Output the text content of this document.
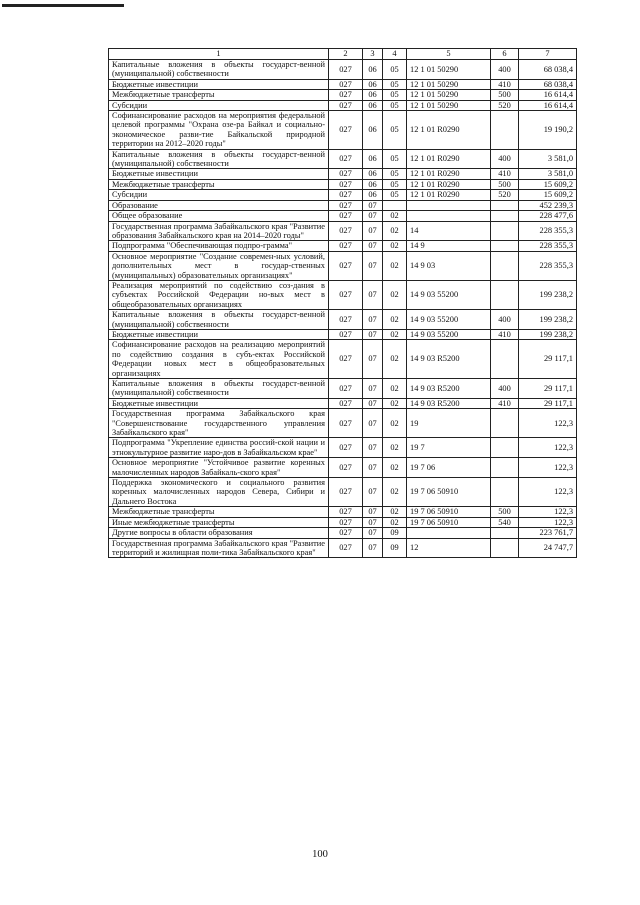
1	2	3	4	5	6	7
Капитальные вложения в объекты государст-венной (муниципальной) собственности	027	06	05	12 1 01 50290	400	68 038,4
Бюджетные инвестиции	027	06	05	12 1 01 50290	410	68 038,4
Межбюджетные трансферты	027	06	05	12 1 01 50290	500	16 614,4
Субсидии	027	06	05	12 1 01 50290	520	16 614,4
Софинансирование расходов на мероприятия федеральной целевой программы "Охрана озе-ра Байкал и социально-экономическое разви-тие Байкальской природной территории на 2012–2020 годы"	027	06	05	12 1 01 R0290		19 190,2
Капитальные вложения в объекты государст-венной (муниципальной) собственности	027	06	05	12 1 01 R0290	400	3 581,0
Бюджетные инвестиции	027	06	05	12 1 01 R0290	410	3 581,0
Межбюджетные трансферты	027	06	05	12 1 01 R0290	500	15 609,2
Субсидии	027	06	05	12 1 01 R0290	520	15 609,2
Образование	027	07				452 239,3
Общее образование	027	07	02			228 477,6
Государственная программа Забайкальского края "Развитие образования Забайкальского края на 2014–2020 годы"	027	07	02	14		228 355,3
Подпрограмма "Обеспечивающая подпро-грамма"	027	07	02	14 9		228 355,3
Основное мероприятие "Создание современ-ных условий, дополнительных мест в государ-ственных (муниципальных) образовательных организациях"	027	07	02	14 9 03		228 355,3
Реализация мероприятий по содействию соз-дания в субъектах Российской Федерации но-вых мест в общеобразовательных организациях	027	07	02	14 9 03 55200		199 238,2
Капитальные вложения в объекты государст-венной (муниципальной) собственности	027	07	02	14 9 03 55200	400	199 238,2
Бюджетные инвестиции	027	07	02	14 9 03 55200	410	199 238,2
Софинансирование расходов на реализацию мероприятий по содействию создания в субъ-ектах Российской Федерации новых мест в общеобразовательных организациях	027	07	02	14 9 03 R5200		29 117,1
Капитальные вложения в объекты государст-венной (муниципальной) собственности	027	07	02	14 9 03 R5200	400	29 117,1
Бюджетные инвестиции	027	07	02	14 9 03 R5200	410	29 117,1
Государственная программа Забайкальского края "Совершенствование государственного управления Забайкальского края"	027	07	02	19		122,3
Подпрограмма "Укрепление единства россий-ской нации и этнокультурное развитие наро-дов в Забайкальском крае"	027	07	02	19 7		122,3
Основное мероприятие "Устойчивое развитие коренных малочисленных народов Забайкаль-ского края"	027	07	02	19 7 06		122,3
Поддержка экономического и социального развития коренных малочисленных народов Севера, Сибири и Дальнего Востока	027	07	02	19 7 06 50910		122,3
Межбюджетные трансферты	027	07	02	19 7 06 50910	500	122,3
Иные межбюджетные трансферты	027	07	02	19 7 06 50910	540	122,3
Другие вопросы в области образования	027	07	09			223 761,7
Государственная программа Забайкальского края "Развитие территорий и жилищная поли-тика Забайкальского края"	027	07	09	12		24 747,7
100
